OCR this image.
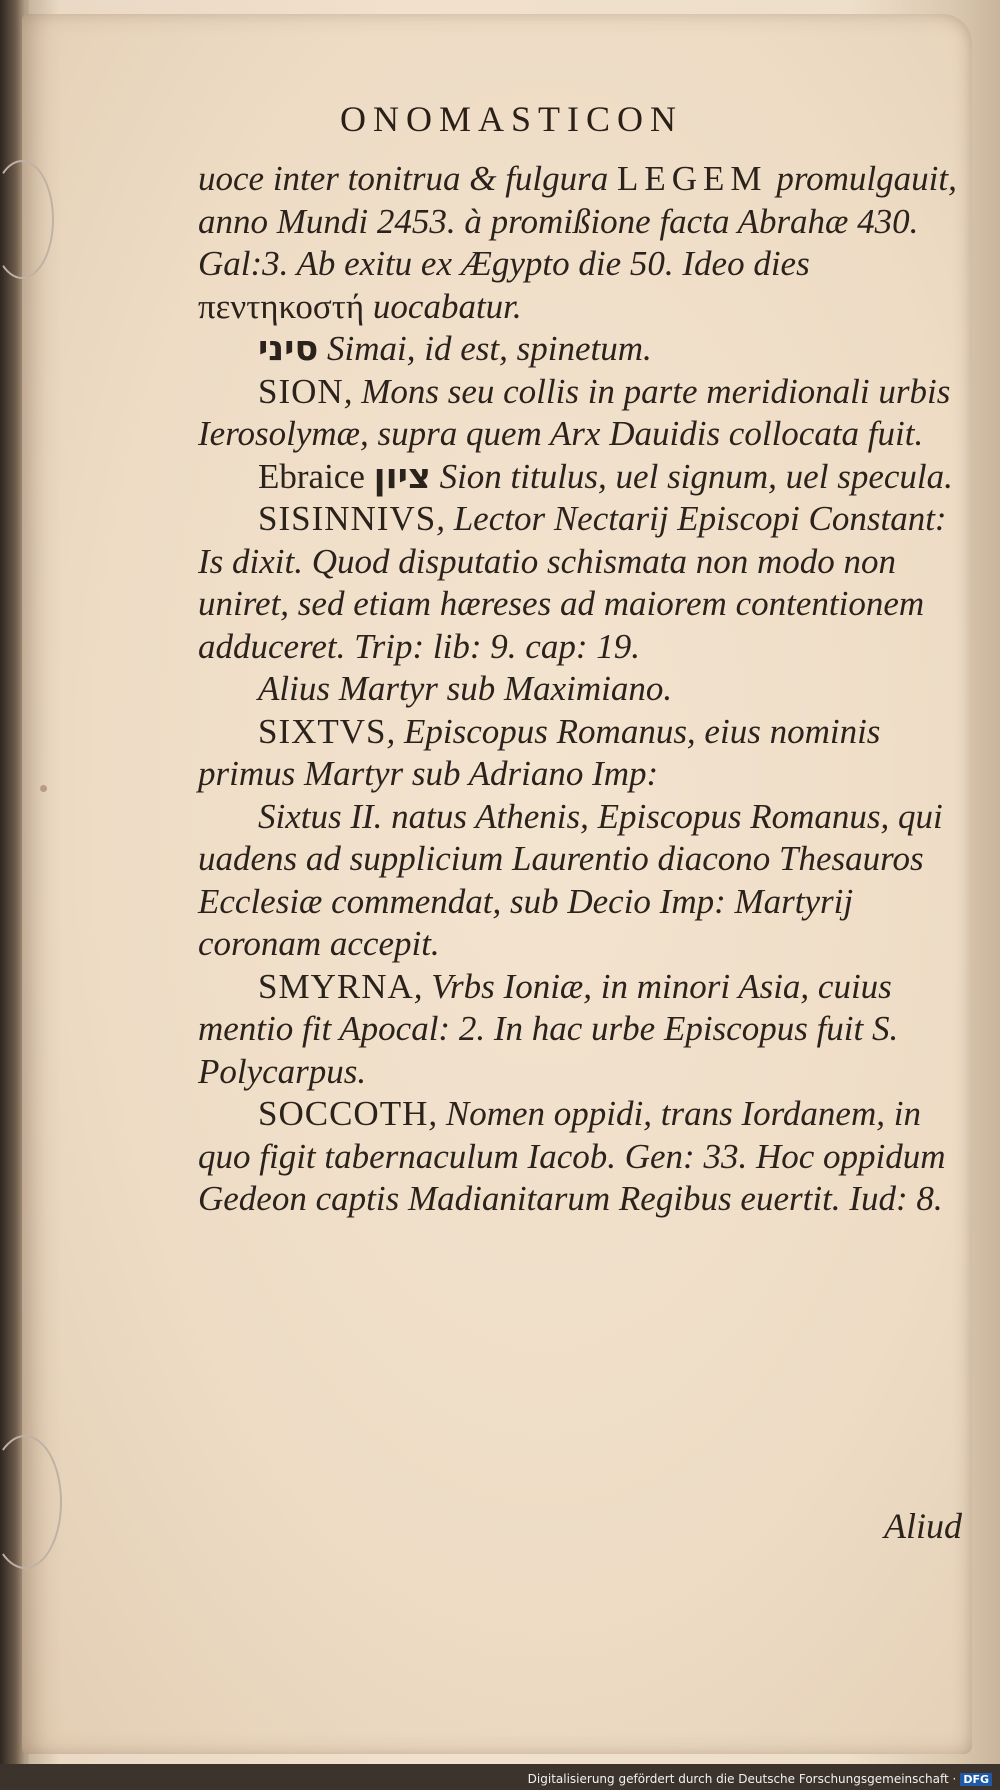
ONOMASTICON

uoce inter tonitrua & fulgura LEGEM promulgauit, anno Mundi 2453. à promißione facta Abrahæ 430. Gal:3. Ab exitu ex Ægypto die 50. Ideo dies πεντηκοστή uocabatur.

סיני Simai, id est, spinetum.

SION, Mons seu collis in parte meridionali urbis Ierosolymæ, supra quem Arx Dauidis collocata fuit.

Ebraice ציון Sion titulus, uel signum, uel specula.

SISINNIVS, Lector Nectarij Episcopi Constant: Is dixit. Quod disputatio schismata non modo non uniret, sed etiam hæreses ad maiorem contentionem adduceret. Trip: lib: 9. cap: 19.

Alius Martyr sub Maximiano.

SIXTVS, Episcopus Romanus, eius nominis primus Martyr sub Adriano Imp:

Sixtus II. natus Athenis, Episcopus Romanus, qui uadens ad supplicium Laurentio diacono Thesauros Ecclesiæ commendat, sub Decio Imp: Martyrij coronam accepit.

SMYRNA, Vrbs Ioniæ, in minori Asia, cuius mentio fit Apocal: 2. In hac urbe Episcopus fuit S. Polycarpus.

SOCCOTH, Nomen oppidi, trans Iordanem, in quo figit tabernaculum Iacob. Gen: 33. Hoc oppidum Gedeon captis Madianitarum Regibus euertit. Iud: 8.

Aliud
Digitalisierung gefördert durch die Deutsche Forschungsgemeinschaft · DFG
